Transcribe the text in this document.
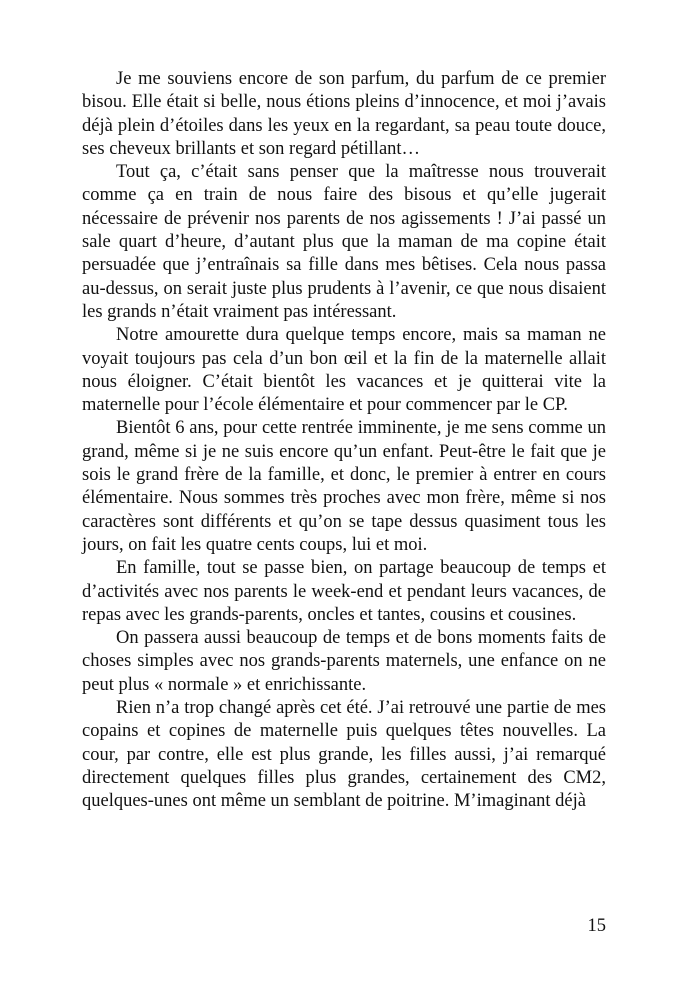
Je me souviens encore de son parfum, du parfum de ce premier bisou. Elle était si belle, nous étions pleins d’innocence, et moi j’avais déjà plein d’étoiles dans les yeux en la regardant, sa peau toute douce, ses cheveux brillants et son regard pétillant…

Tout ça, c’était sans penser que la maîtresse nous trouverait comme ça en train de nous faire des bisous et qu’elle jugerait nécessaire de prévenir nos parents de nos agissements ! J’ai passé un sale quart d’heure, d’autant plus que la maman de ma copine était persuadée que j’entraînais sa fille dans mes bêtises. Cela nous passa au-dessus, on serait juste plus prudents à l’avenir, ce que nous disaient les grands n’était vraiment pas intéressant.

Notre amourette dura quelque temps encore, mais sa maman ne voyait toujours pas cela d’un bon œil et la fin de la maternelle allait nous éloigner. C’était bientôt les vacances et je quitterai vite la maternelle pour l’école élémentaire et pour commencer par le CP.

Bientôt 6 ans, pour cette rentrée imminente, je me sens comme un grand, même si je ne suis encore qu’un enfant. Peut-être le fait que je sois le grand frère de la famille, et donc, le premier à entrer en cours élémentaire. Nous sommes très proches avec mon frère, même si nos caractères sont différents et qu’on se tape dessus quasiment tous les jours, on fait les quatre cents coups, lui et moi.

En famille, tout se passe bien, on partage beaucoup de temps et d’activités avec nos parents le week-end et pendant leurs vacances, de repas avec les grands-parents, oncles et tantes, cousins et cousines.

On passera aussi beaucoup de temps et de bons moments faits de choses simples avec nos grands-parents maternels, une enfance on ne peut plus « normale » et enrichissante.

Rien n’a trop changé après cet été. J’ai retrouvé une partie de mes copains et copines de maternelle puis quelques têtes nouvelles. La cour, par contre, elle est plus grande, les filles aussi, j’ai remarqué directement quelques filles plus grandes, certainement des CM2, quelques-unes ont même un semblant de poitrine. M’imaginant déjà

15
